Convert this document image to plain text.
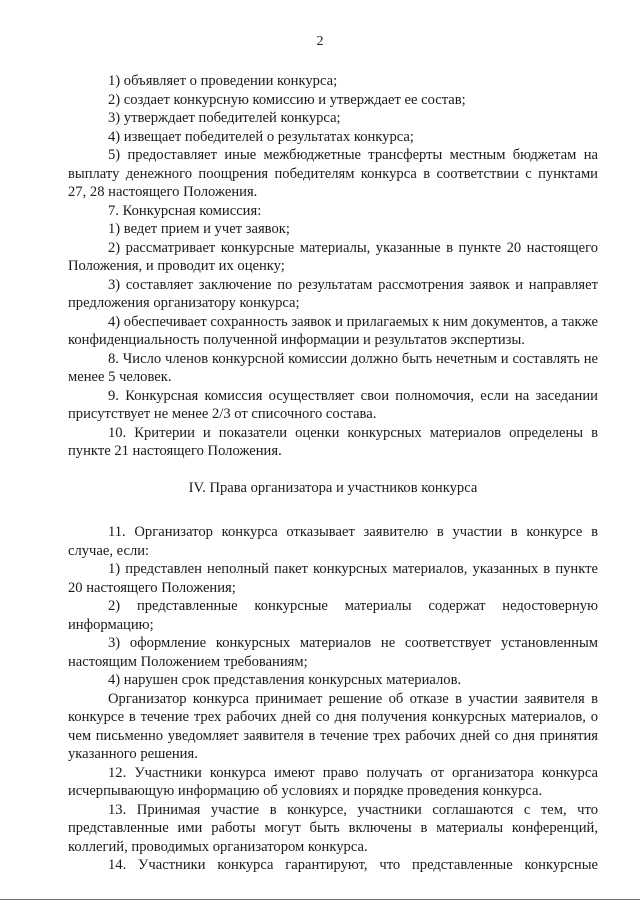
2

1) объявляет о проведении конкурса;

2) создает конкурсную комиссию и утверждает ее состав;

3) утверждает победителей конкурса;

4) извещает победителей о результатах конкурса;

5) предоставляет иные межбюджетные трансферты местным бюджетам на выплату денежного поощрения победителям конкурса в соответствии с пунктами 27, 28 настоящего Положения.

7. Конкурсная комиссия:

1) ведет прием и учет заявок;

2) рассматривает конкурсные материалы, указанные в пункте 20 настоящего Положения, и проводит их оценку;

3) составляет заключение по результатам рассмотрения заявок и направляет предложения организатору конкурса;

4) обеспечивает сохранность заявок и прилагаемых к ним документов, а также конфиденциальность полученной информации и результатов экспертизы.

8. Число членов конкурсной комиссии должно быть нечетным и составлять не менее 5 человек.

9. Конкурсная комиссия осуществляет свои полномочия, если на заседании присутствует не менее 2/3 от списочного состава.

10. Критерии и показатели оценки конкурсных материалов определены в пункте 21 настоящего Положения.

IV. Права организатора и участников конкурса

11. Организатор конкурса отказывает заявителю в участии в конкурсе в случае, если:

1) представлен неполный пакет конкурсных материалов, указанных в пункте 20 настоящего Положения;

2) представленные конкурсные материалы содержат недостоверную информацию;

3) оформление конкурсных материалов не соответствует установленным настоящим Положением требованиям;

4) нарушен срок представления конкурсных материалов.

Организатор конкурса принимает решение об отказе в участии заявителя в конкурсе в течение трех рабочих дней со дня получения конкурсных материалов, о чем письменно уведомляет заявителя в течение трех рабочих дней со дня принятия указанного решения.

12. Участники конкурса имеют право получать от организатора конкурса исчерпывающую информацию об условиях и порядке проведения конкурса.

13. Принимая участие в конкурсе, участники соглашаются с тем, что представленные ими работы могут быть включены в материалы конференций, коллегий, проводимых организатором конкурса.

14. Участники конкурса гарантируют, что представленные конкурсные
